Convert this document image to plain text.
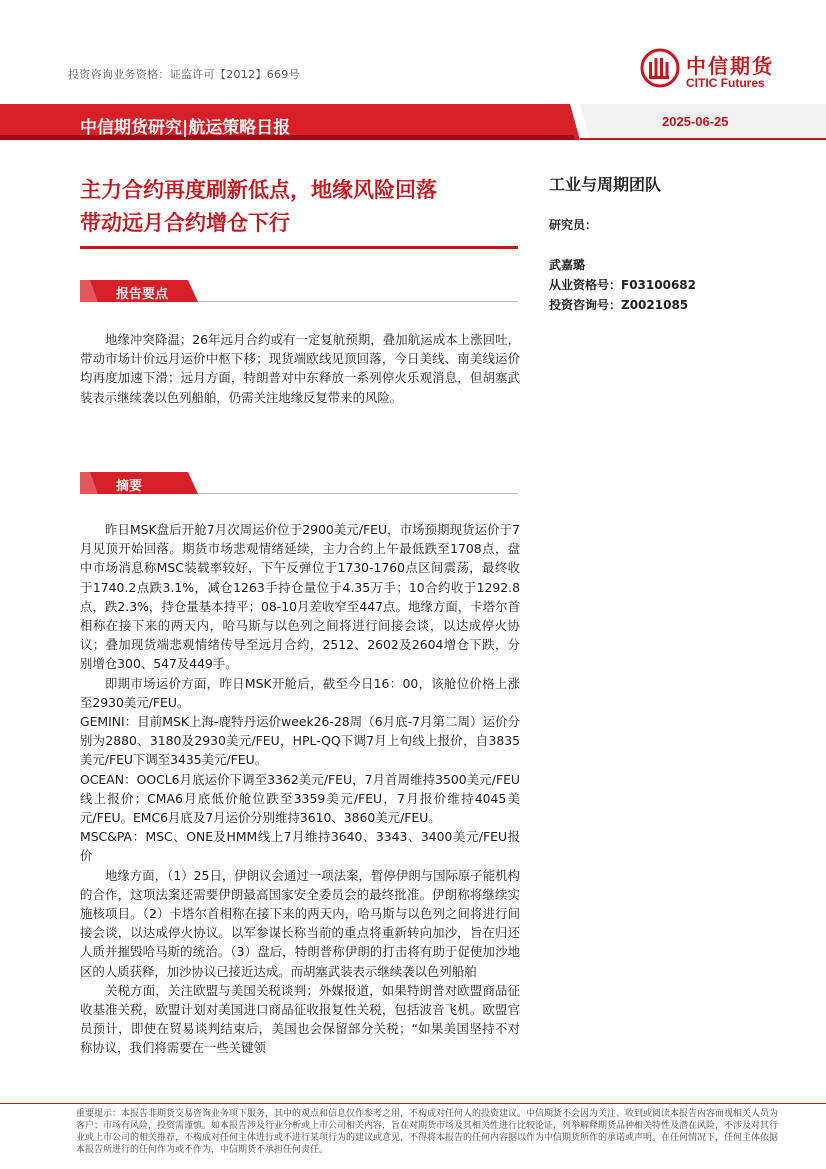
投资咨询业务资格：证监许可【2012】669号	中信期货
CITIC Futures
中信期货研究|航运策略日报	2025-06-25
主力合约再度刷新低点，地缘风险回落
带动远月合约增仓下行
工业与周期团队
研究员：
武嘉璐
从业资格号：F03100682
投资咨询号：Z0021085
报告要点

地缘冲突降温；26年远月合约或有一定复航预期，叠加航运成本上涨回吐，带动市场计价远月运价中枢下移；现货端欧线见顶回落，今日美线、南美线运价均再度加速下滑；远月方面，特朗普对中东释放一系列停火乐观消息，但胡塞武装表示继续袭以色列船舶，仍需关注地缘反复带来的风险。

摘要

昨日MSK盘后开舱7月次周运价位于2900美元/FEU，市场预期现货运价于7月见顶开始回落。期货市场悲观情绪延续，主力合约上午最低跌至1708点，盘中市场消息称MSC装载率较好，下午反弹位于1730-1760点区间震荡，最终收于1740.2点跌3.1%，减仓1263手持仓量位于4.35万手；10合约收于1292.8点，跌2.3%，持仓量基本持平；08-10月差收窄至447点。地缘方面，卡塔尔首相称在接下来的两天内，哈马斯与以色列之间将进行间接会谈，以达成停火协议；叠加现货端悲观情绪传导至远月合约，2512、2602及2604增仓下跌，分别增仓300、547及449手。

即期市场运价方面，昨日MSK开舱后，截至今日16：00，该舱位价格上涨至2930美元/FEU。

GEMINI：目前MSK上海-鹿特丹运价week26-28周（6月底-7月第二周）运价分别为2880、3180及2930美元/FEU，HPL-QQ下调7月上旬线上报价，自3835美元/FEU下调至3435美元/FEU。

OCEAN：OOCL6月底运价下调至3362美元/FEU，7月首周维持3500美元/FEU线上报价；CMA6月底低价舱位跌至3359美元/FEU，7月报价维持4045美元/FEU。EMC6月底及7月运价分别维持3610、3860美元/FEU。

MSC&PA：MSC、ONE及HMM线上7月维持3640、3343、3400美元/FEU报价

地缘方面，（1）25日，伊朗议会通过一项法案，暂停伊朗与国际原子能机构的合作，这项法案还需要伊朗最高国家安全委员会的最终批准。伊朗称将继续实施核项目。（2）卡塔尔首相称在接下来的两天内，哈马斯与以色列之间将进行间接会谈，以达成停火协议。以军参谋长称当前的重点将重新转向加沙，旨在归还人质并摧毁哈马斯的统治。（3）盘后，特朗普称伊朗的打击将有助于促使加沙地区的人质获释，加沙协议已接近达成。而胡塞武装表示继续袭以色列船舶

关税方面，关注欧盟与美国关税谈判；外媒报道，如果特朗普对欧盟商品征收基准关税，欧盟计划对美国进口商品征收报复性关税，包括波音飞机。欧盟官员预计，即使在贸易谈判结束后，美国也会保留部分关税；“如果美国坚持不对称协议，我们将需要在一些关键领

重要提示：本报告非期货交易咨询业务项下服务，其中的观点和信息仅作参考之用，不构成对任何人的投资建议。中信期货不会因为关注、收到或阅读本报告内容而视相关人员为客户；市场有风险，投资需谨慎。如本报告涉及行业分析或上市公司相关内容，旨在对期货市场及其相关性进行比较论证，列举解释期货品种相关特性及潜在风险，不涉及对其行业或上市公司的相关推荐，不构成对任何主体进行或不进行某项行为的建议或意见，不得将本报告的任何内容据以作为中信期货所作的承诺或声明。在任何情况下，任何主体依据本报告所进行的任何作为或不作为，中信期货不承担任何责任。
